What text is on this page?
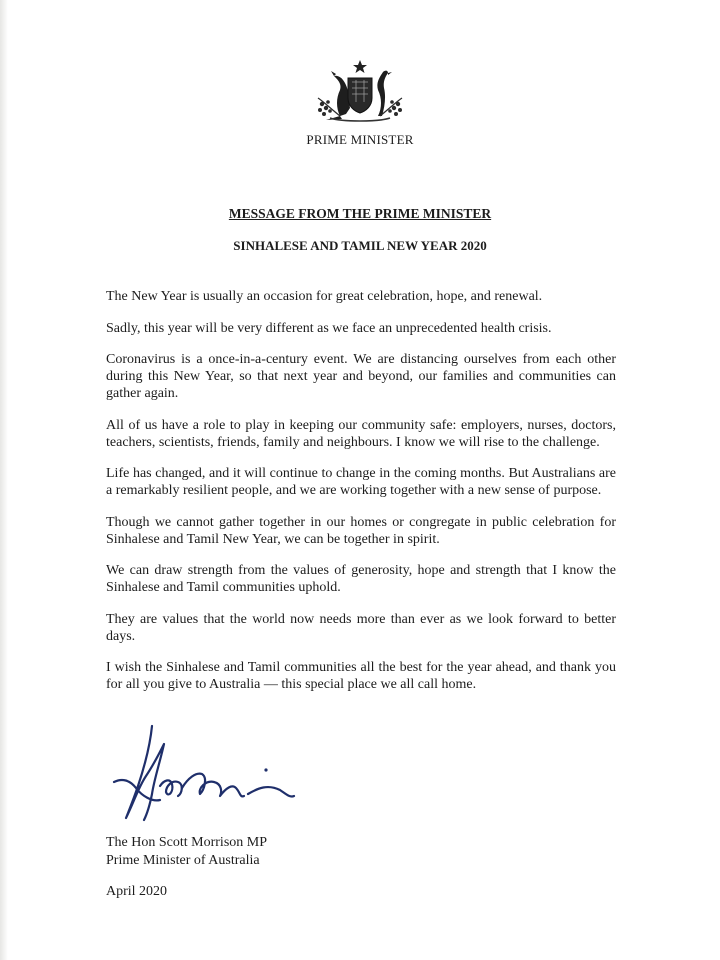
PRIME MINISTER
MESSAGE FROM THE PRIME MINISTER
SINHALESE AND TAMIL NEW YEAR 2020

The New Year is usually an occasion for great celebration, hope, and renewal.

Sadly, this year will be very different as we face an unprecedented health crisis.

Coronavirus is a once-in-a-century event. We are distancing ourselves from each other during this New Year, so that next year and beyond, our families and communities can gather again.

All of us have a role to play in keeping our community safe: employers, nurses, doctors, teachers, scientists, friends, family and neighbours. I know we will rise to the challenge.

Life has changed, and it will continue to change in the coming months. But Australians are a remarkably resilient people, and we are working together with a new sense of purpose.

Though we cannot gather together in our homes or congregate in public celebration for Sinhalese and Tamil New Year, we can be together in spirit.

We can draw strength from the values of generosity, hope and strength that I know the Sinhalese and Tamil communities uphold.

They are values that the world now needs more than ever as we look forward to better days.

I wish the Sinhalese and Tamil communities all the best for the year ahead, and thank you for all you give to Australia — this special place we all call home.

The Hon Scott Morrison MP
Prime Minister of Australia
April 2020
